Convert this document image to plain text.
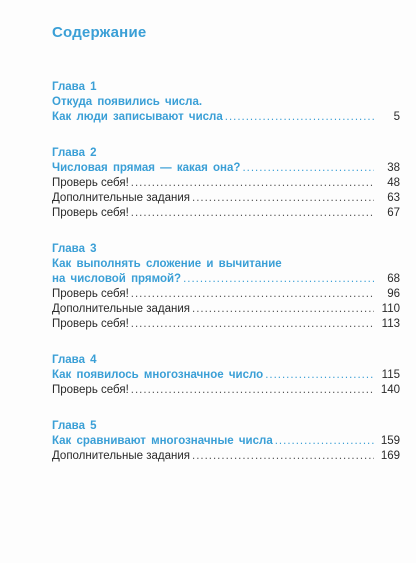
Содержание
Глава 1
Откуда появились числа.
Как люди записывают числа .....	5
Глава 2
Числовая прямая — какая она? .....	38
Проверь себя! .....	48
Дополнительные задания .....	63
Проверь себя! .....	67
Глава 3
Как выполнять сложение и вычитание
на числовой прямой? .....	68
Проверь себя! .....	96
Дополнительные задания .....	110
Проверь себя! .....	113
Глава 4
Как появилось многозначное число .....	115
Проверь себя! .....	140
Глава 5
Как сравнивают многозначные числа .....	159
Дополнительные задания .....	169
